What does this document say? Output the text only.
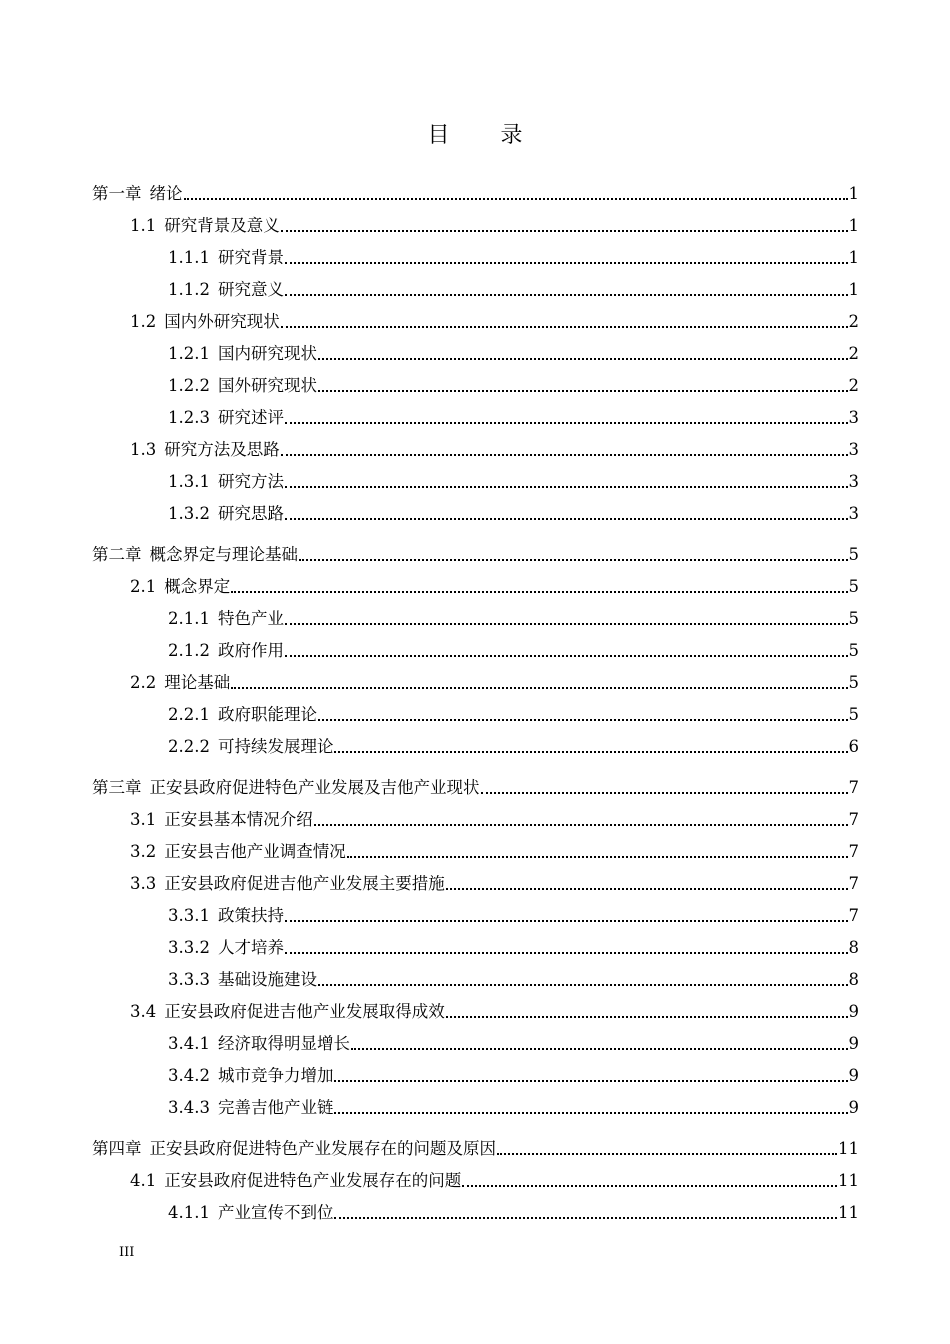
目 录
第一章 绪论	1
1.1 研究背景及意义	1
1.1.1 研究背景	1
1.1.2 研究意义	1
1.2 国内外研究现状	2
1.2.1 国内研究现状	2
1.2.2 国外研究现状	2
1.2.3 研究述评	3
1.3 研究方法及思路	3
1.3.1 研究方法	3
1.3.2 研究思路	3
第二章 概念界定与理论基础	5
2.1 概念界定	5
2.1.1 特色产业	5
2.1.2 政府作用	5
2.2 理论基础	5
2.2.1 政府职能理论	5
2.2.2 可持续发展理论	6
第三章 正安县政府促进特色产业发展及吉他产业现状	7
3.1 正安县基本情况介绍	7
3.2 正安县吉他产业调查情况	7
3.3 正安县政府促进吉他产业发展主要措施	7
3.3.1 政策扶持	7
3.3.2 人才培养	8
3.3.3 基础设施建设	8
3.4 正安县政府促进吉他产业发展取得成效	9
3.4.1 经济取得明显增长	9
3.4.2 城市竞争力增加	9
3.4.3 完善吉他产业链	9
第四章 正安县政府促进特色产业发展存在的问题及原因	11
4.1 正安县政府促进特色产业发展存在的问题	11
4.1.1 产业宣传不到位	11
III
